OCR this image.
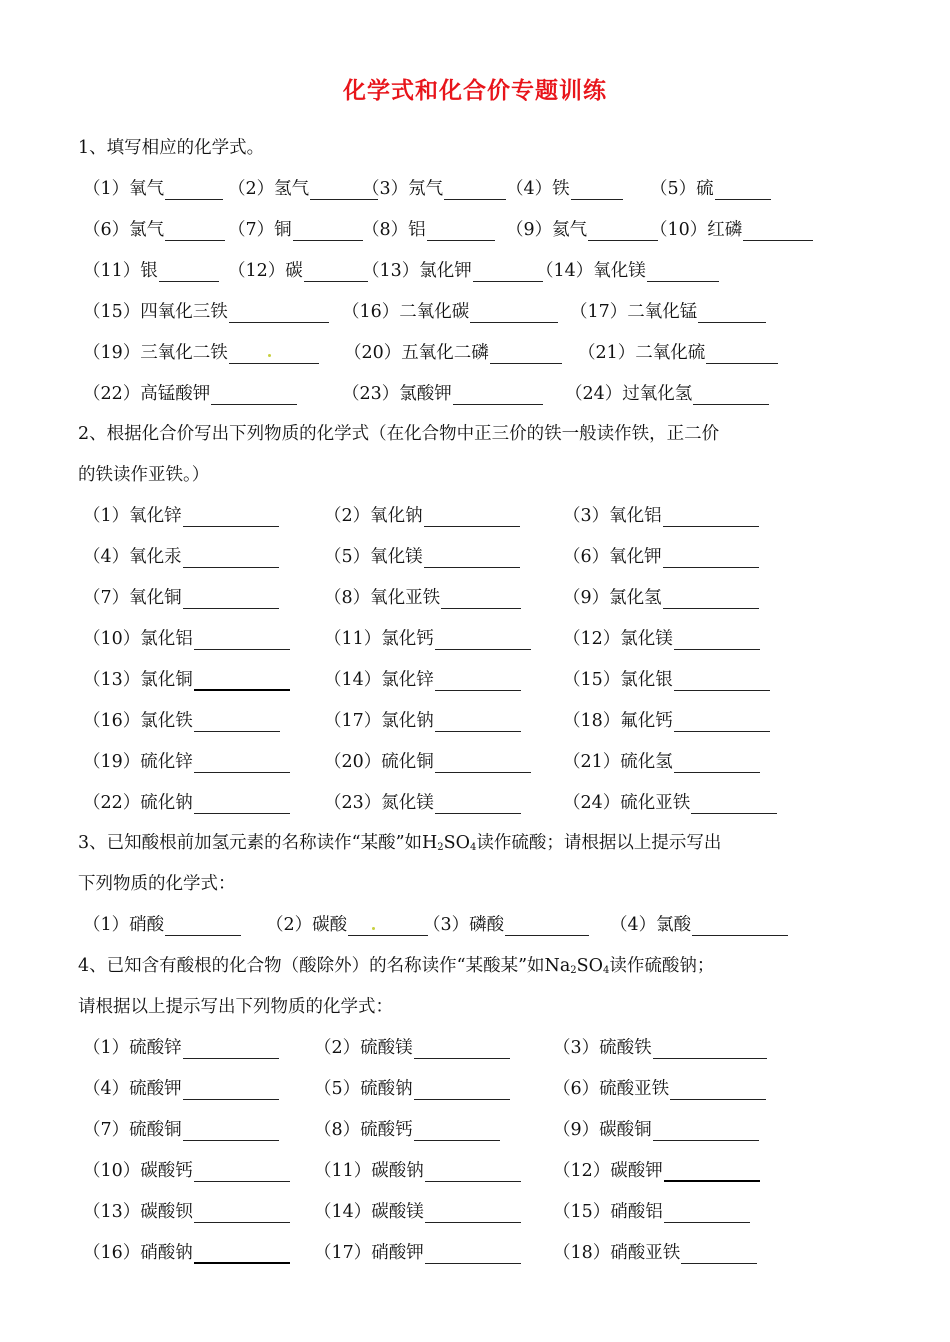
化学式和化合价专题训练
1、填写相应的化学式。
（1）氧气	（2）氢气	（3）氖气	（4）铁	（5）硫
（6）氯气	（7）铜	（8）铝	（9）氦气	（10）红磷
（11）银	（12）碳	（13）氯化钾	（14）氧化镁
（15）四氧化三铁	（16）二氧化碳	（17）二氧化锰
（19）三氧化二铁	（20）五氧化二磷	（21）二氧化硫
（22）高锰酸钾	（23）氯酸钾	（24）过氧化氢
2、根据化合价写出下列物质的化学式（在化合物中正三价的铁一般读作铁，正二价
的铁读作亚铁。）
（1）氧化锌	（2）氧化钠	（3）氧化铝
（4）氧化汞	（5）氧化镁	（6）氧化钾
（7）氧化铜	（8）氧化亚铁	（9）氯化氢
（10）氯化铝	（11）氯化钙	（12）氯化镁
（13）氯化铜	（14）氯化锌	（15）氯化银
（16）氯化铁	（17）氯化钠	（18）氟化钙
（19）硫化锌	（20）硫化铜	（21）硫化氢
（22）硫化钠	（23）氮化镁	（24）硫化亚铁
3、已知酸根前加氢元素的名称读作“某酸”如$H_2SO_4$读作硫酸；请根据以上提示写出
下列物质的化学式：
（1）硝酸	（2）碳酸	（3）磷酸	（4）氯酸
4、已知含有酸根的化合物（酸除外）的名称读作“某酸某”如$Na_2SO_4$读作硫酸钠；
请根据以上提示写出下列物质的化学式：
（1）硫酸锌	（2）硫酸镁	（3）硫酸铁
（4）硫酸钾	（5）硫酸钠	（6）硫酸亚铁
（7）硫酸铜	（8）硫酸钙	（9）碳酸铜
（10）碳酸钙	（11）碳酸钠	（12）碳酸钾
（13）碳酸钡	（14）碳酸镁	（15）硝酸铝
（16）硝酸钠	（17）硝酸钾	（18）硝酸亚铁
